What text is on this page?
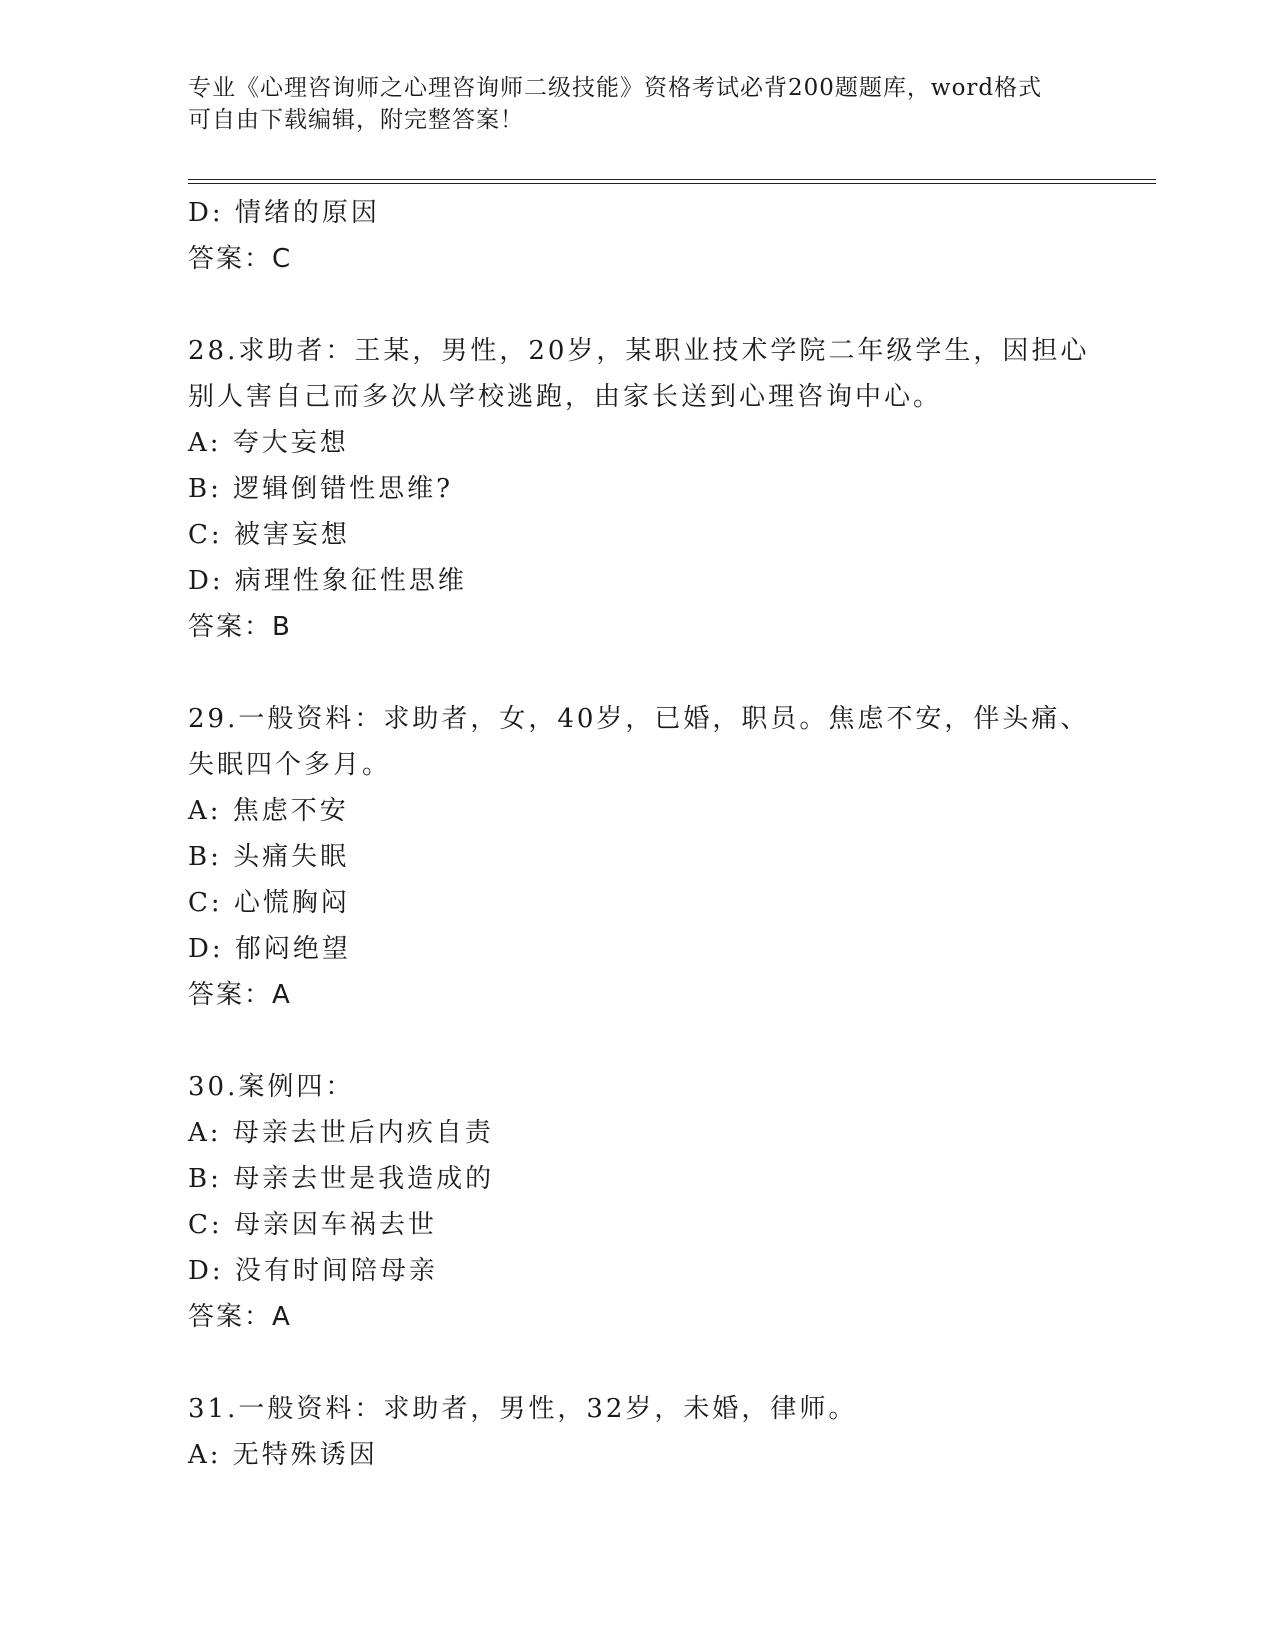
专业《心理咨询师之心理咨询师二级技能》资格考试必背200题题库，word格式
可自由下载编辑，附完整答案！
D: 情绪的原因
答案：C
28.求助者：王某，男性，20岁，某职业技术学院二年级学生，因担心
别人害自己而多次从学校逃跑，由家长送到心理咨询中心。
A: 夸大妄想
B: 逻辑倒错性思维?
C: 被害妄想
D: 病理性象征性思维
答案：B
29.一般资料：求助者，女，40岁，已婚，职员。焦虑不安，伴头痛、
失眠四个多月。
A: 焦虑不安
B: 头痛失眠
C: 心慌胸闷
D: 郁闷绝望
答案：A
30.案例四：
A: 母亲去世后内疚自责
B: 母亲去世是我造成的
C: 母亲因车祸去世
D: 没有时间陪母亲
答案：A
31.一般资料：求助者，男性，32岁，未婚，律师。
A: 无特殊诱因
